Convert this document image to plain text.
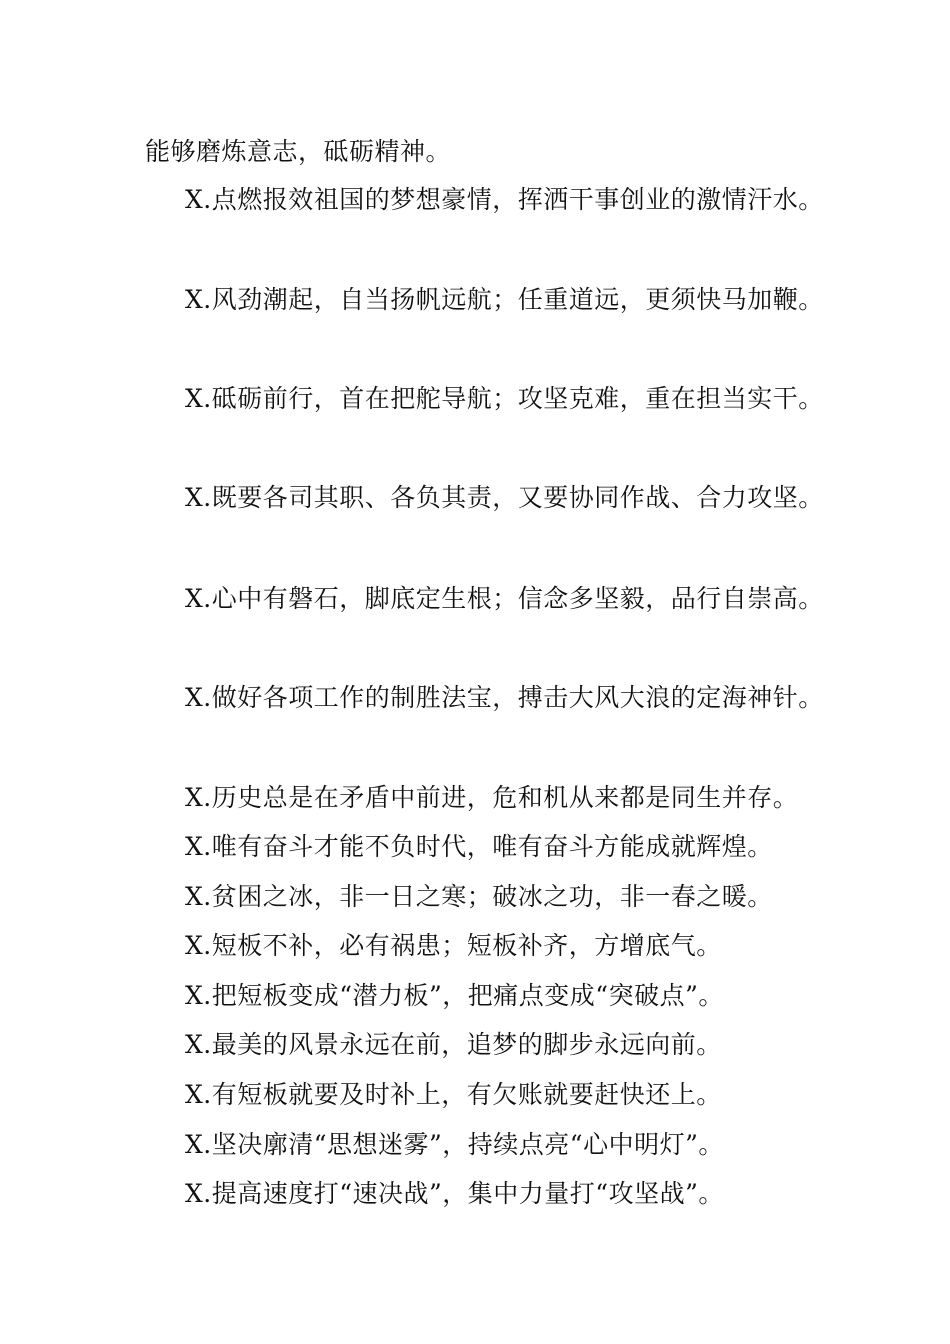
能够磨炼意志，砥砺精神。
X.点燃报效祖国的梦想豪情，挥洒干事创业的激情汗水。
X.风劲潮起，自当扬帆远航；任重道远，更须快马加鞭。
X.砥砺前行，首在把舵导航；攻坚克难，重在担当实干。
X.既要各司其职、各负其责，又要协同作战、合力攻坚。
X.心中有磐石，脚底定生根；信念多坚毅，品行自崇高。
X.做好各项工作的制胜法宝，搏击大风大浪的定海神针。
X.历史总是在矛盾中前进，危和机从来都是同生并存。
X.唯有奋斗才能不负时代，唯有奋斗方能成就辉煌。
X.贫困之冰，非一日之寒；破冰之功，非一春之暖。
X.短板不补，必有祸患；短板补齐，方增底气。
X.把短板变成“潜力板”，把痛点变成“突破点”。
X.最美的风景永远在前，追梦的脚步永远向前。
X.有短板就要及时补上，有欠账就要赶快还上。
X.坚决廓清“思想迷雾”，持续点亮“心中明灯”。
X.提高速度打“速决战”，集中力量打“攻坚战”。
